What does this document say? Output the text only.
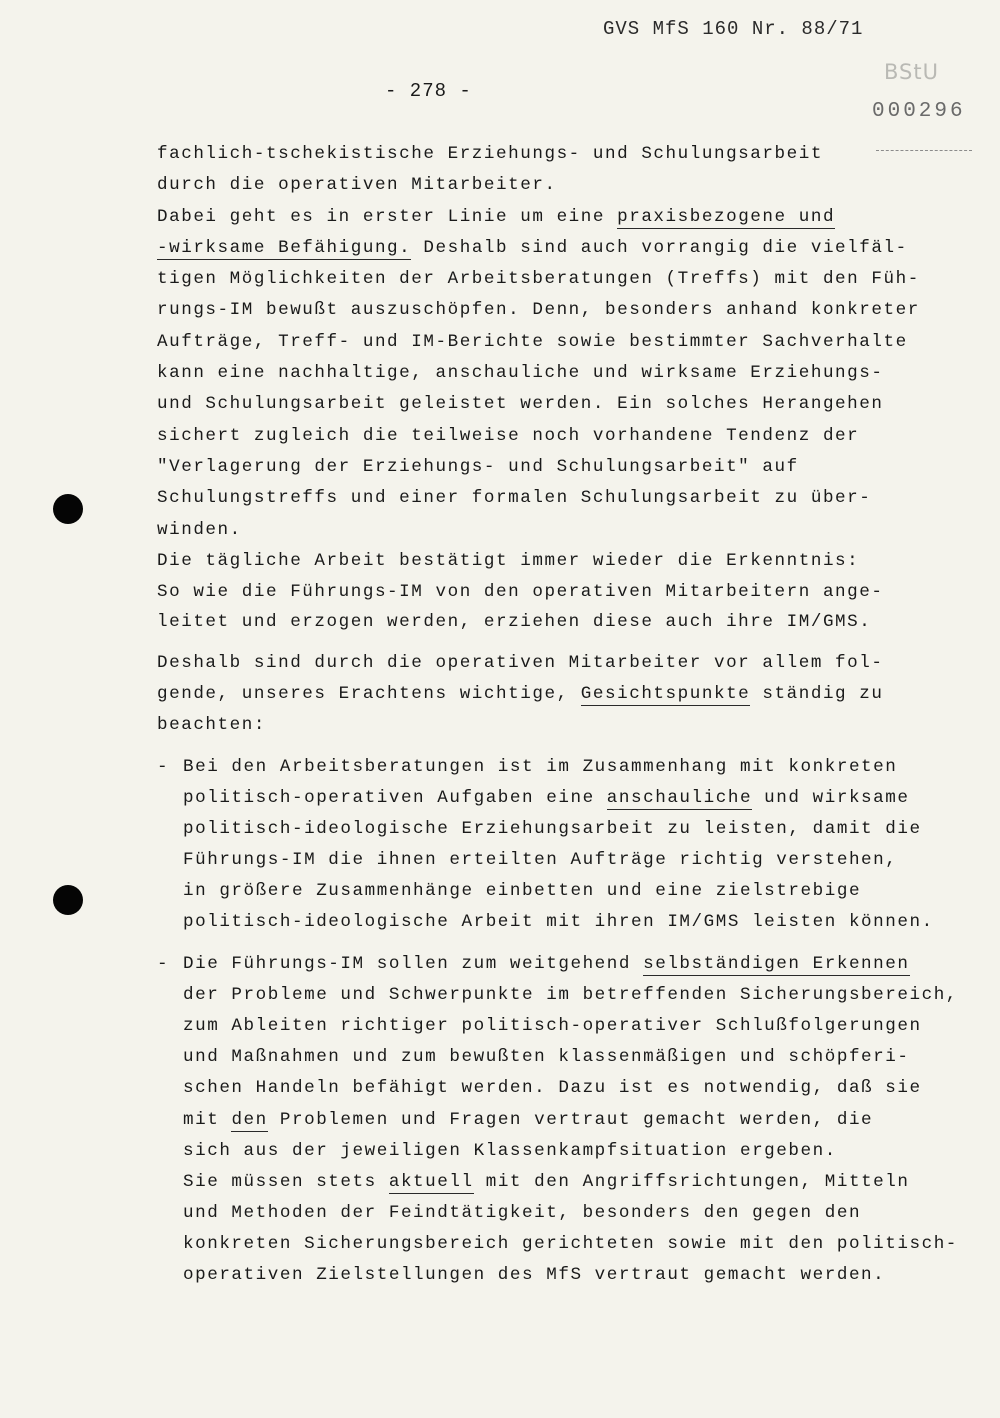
GVS MfS 160 Nr. 88/71
- 278 -
BStU
000296
fachlich-tschekistische Erziehungs- und Schulungsarbeit
durch die operativen Mitarbeiter.
Dabei geht es in erster Linie um eine praxisbezogene und
-wirksame Befähigung. Deshalb sind auch vorrangig die vielfäl-
tigen Möglichkeiten der Arbeitsberatungen (Treffs) mit den Füh-
rungs-IM bewußt auszuschöpfen. Denn, besonders anhand konkreter
Aufträge, Treff- und IM-Berichte sowie bestimmter Sachverhalte
kann eine nachhaltige, anschauliche und wirksame Erziehungs-
und Schulungsarbeit geleistet werden. Ein solches Herangehen
sichert zugleich die teilweise noch vorhandene Tendenz der
"Verlagerung der Erziehungs- und Schulungsarbeit" auf
Schulungstreffs und einer formalen Schulungsarbeit zu über-
winden.
Die tägliche Arbeit bestätigt immer wieder die Erkenntnis:
So wie die Führungs-IM von den operativen Mitarbeitern ange-
leitet und erzogen werden, erziehen diese auch ihre IM/GMS.
Deshalb sind durch die operativen Mitarbeiter vor allem fol-
gende, unseres Erachtens wichtige, Gesichtspunkte ständig zu
beachten:
- Bei den Arbeitsberatungen ist im Zusammenhang mit konkreten
politisch-operativen Aufgaben eine anschauliche und wirksame
politisch-ideologische Erziehungsarbeit zu leisten, damit die
Führungs-IM die ihnen erteilten Aufträge richtig verstehen,
in größere Zusammenhänge einbetten und eine zielstrebige
politisch-ideologische Arbeit mit ihren IM/GMS leisten können.
- Die Führungs-IM sollen zum weitgehend selbständigen Erkennen
der Probleme und Schwerpunkte im betreffenden Sicherungsbereich,
zum Ableiten richtiger politisch-operativer Schlußfolgerungen
und Maßnahmen und zum bewußten klassenmäßigen und schöpferi-
schen Handeln befähigt werden. Dazu ist es notwendig, daß sie
mit den Problemen und Fragen vertraut gemacht werden, die
sich aus der jeweiligen Klassenkampfsituation ergeben.
Sie müssen stets aktuell mit den Angriffsrichtungen, Mitteln
und Methoden der Feindtätigkeit, besonders den gegen den
konkreten Sicherungsbereich gerichteten sowie mit den politisch-
operativen Zielstellungen des MfS vertraut gemacht werden.
